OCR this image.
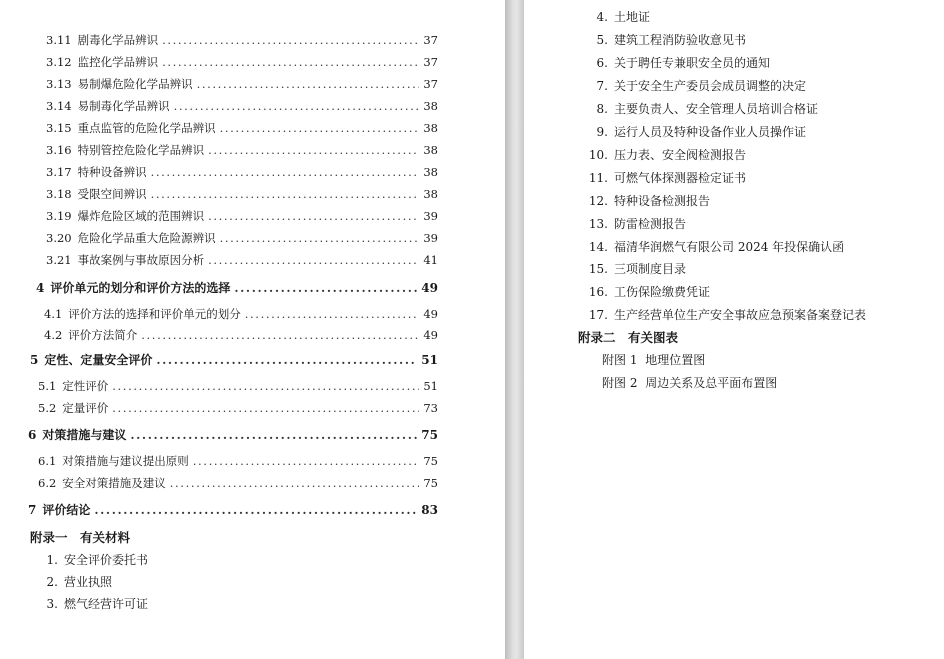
3.11 剧毒化学品辨识 .....	37
3.12 监控化学品辨识 .....	37
3.13 易制爆危险化学品辨识 .....	37
3.14 易制毒化学品辨识 .....	38
3.15 重点监管的危险化学品辨识 .....	38
3.16 特别管控危险化学品辨识 .....	38
3.17 特种设备辨识 .....	38
3.18 受限空间辨识 .....	38
3.19 爆炸危险区域的范围辨识 .....	39
3.20 危险化学品重大危险源辨识 .....	39
3.21 事故案例与事故原因分析 .....	41
4 评价单元的划分和评价方法的选择 .....	49
4.1 评价方法的选择和评价单元的划分 .....	49
4.2 评价方法简介 .....	49
5 定性、定量安全评价 .....	51
5.1 定性评价 .....	51
5.2 定量评价 .....	73
6 对策措施与建议 .....	75
6.1 对策措施与建议提出原则 .....	75
6.2 安全对策措施及建议 .....	75
7 评价结论 .....	83
附录一　有关材料
1. 安全评价委托书
2. 营业执照
3. 燃气经营许可证
4. 土地证
5. 建筑工程消防验收意见书
6. 关于聘任专兼职安全员的通知
7. 关于安全生产委员会成员调整的决定
8. 主要负责人、安全管理人员培训合格证
9. 运行人员及特种设备作业人员操作证
10. 压力表、安全阀检测报告
11. 可燃气体探测器检定证书
12. 特种设备检测报告
13. 防雷检测报告
14. 福清华润燃气有限公司 2024 年投保确认函
15. 三项制度目录
16. 工伤保险缴费凭证
17. 生产经营单位生产安全事故应急预案备案登记表
附录二　有关图表
附图 1 地理位置图
附图 2 周边关系及总平面布置图
